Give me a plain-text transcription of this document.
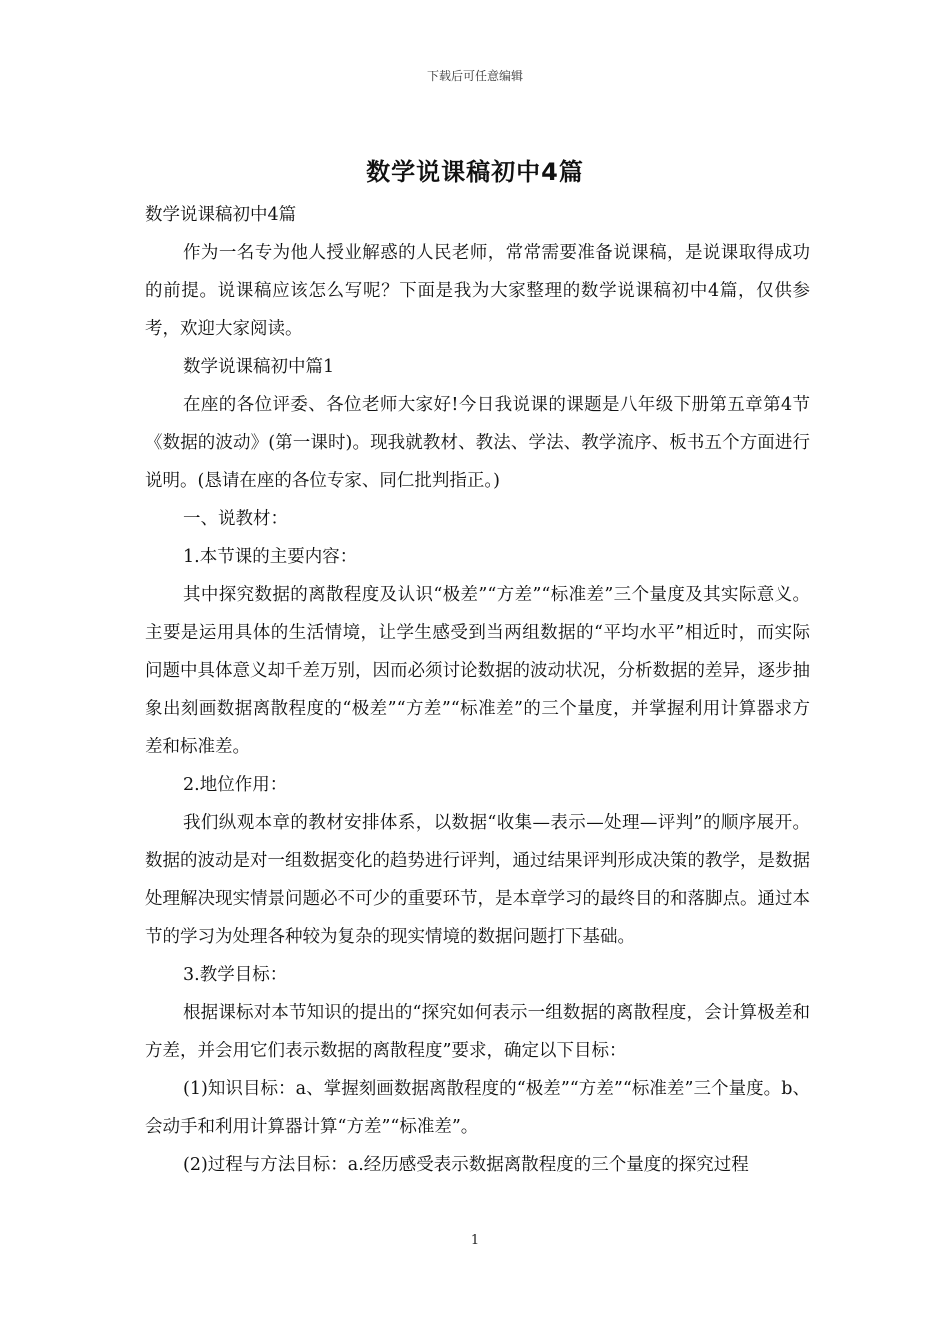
下载后可任意编辑
数学说课稿初中4篇

数学说课稿初中4篇

作为一名专为他人授业解惑的人民老师，常常需要准备说课稿，是说课取得成功的前提。说课稿应该怎么写呢？下面是我为大家整理的数学说课稿初中4篇，仅供参考，欢迎大家阅读。

数学说课稿初中篇1

在座的各位评委、各位老师大家好!今日我说课的课题是八年级下册第五章第4节《数据的波动》(第一课时)。现我就教材、教法、学法、教学流序、板书五个方面进行说明。(恳请在座的各位专家、同仁批判指正。)

一、说教材：

1.本节课的主要内容：

其中探究数据的离散程度及认识“极差”“方差”“标准差”三个量度及其实际意义。主要是运用具体的生活情境，让学生感受到当两组数据的“平均水平”相近时，而实际问题中具体意义却千差万别，因而必须讨论数据的波动状况，分析数据的差异，逐步抽象出刻画数据离散程度的“极差”“方差”“标准差”的三个量度，并掌握利用计算器求方差和标准差。

2.地位作用：

我们纵观本章的教材安排体系，以数据“收集—表示—处理—评判”的顺序展开。数据的波动是对一组数据变化的趋势进行评判，通过结果评判形成决策的教学，是数据处理解决现实情景问题必不可少的重要环节，是本章学习的最终目的和落脚点。通过本节的学习为处理各种较为复杂的现实情境的数据问题打下基础。

3.教学目标：

根据课标对本节知识的提出的“探究如何表示一组数据的离散程度，会计算极差和方差，并会用它们表示数据的离散程度”要求，确定以下目标：

(1)知识目标：a、掌握刻画数据离散程度的“极差”“方差”“标准差”三个量度。b、会动手和利用计算器计算“方差”“标准差”。

(2)过程与方法目标：a.经历感受表示数据离散程度的三个量度的探究过程

1
